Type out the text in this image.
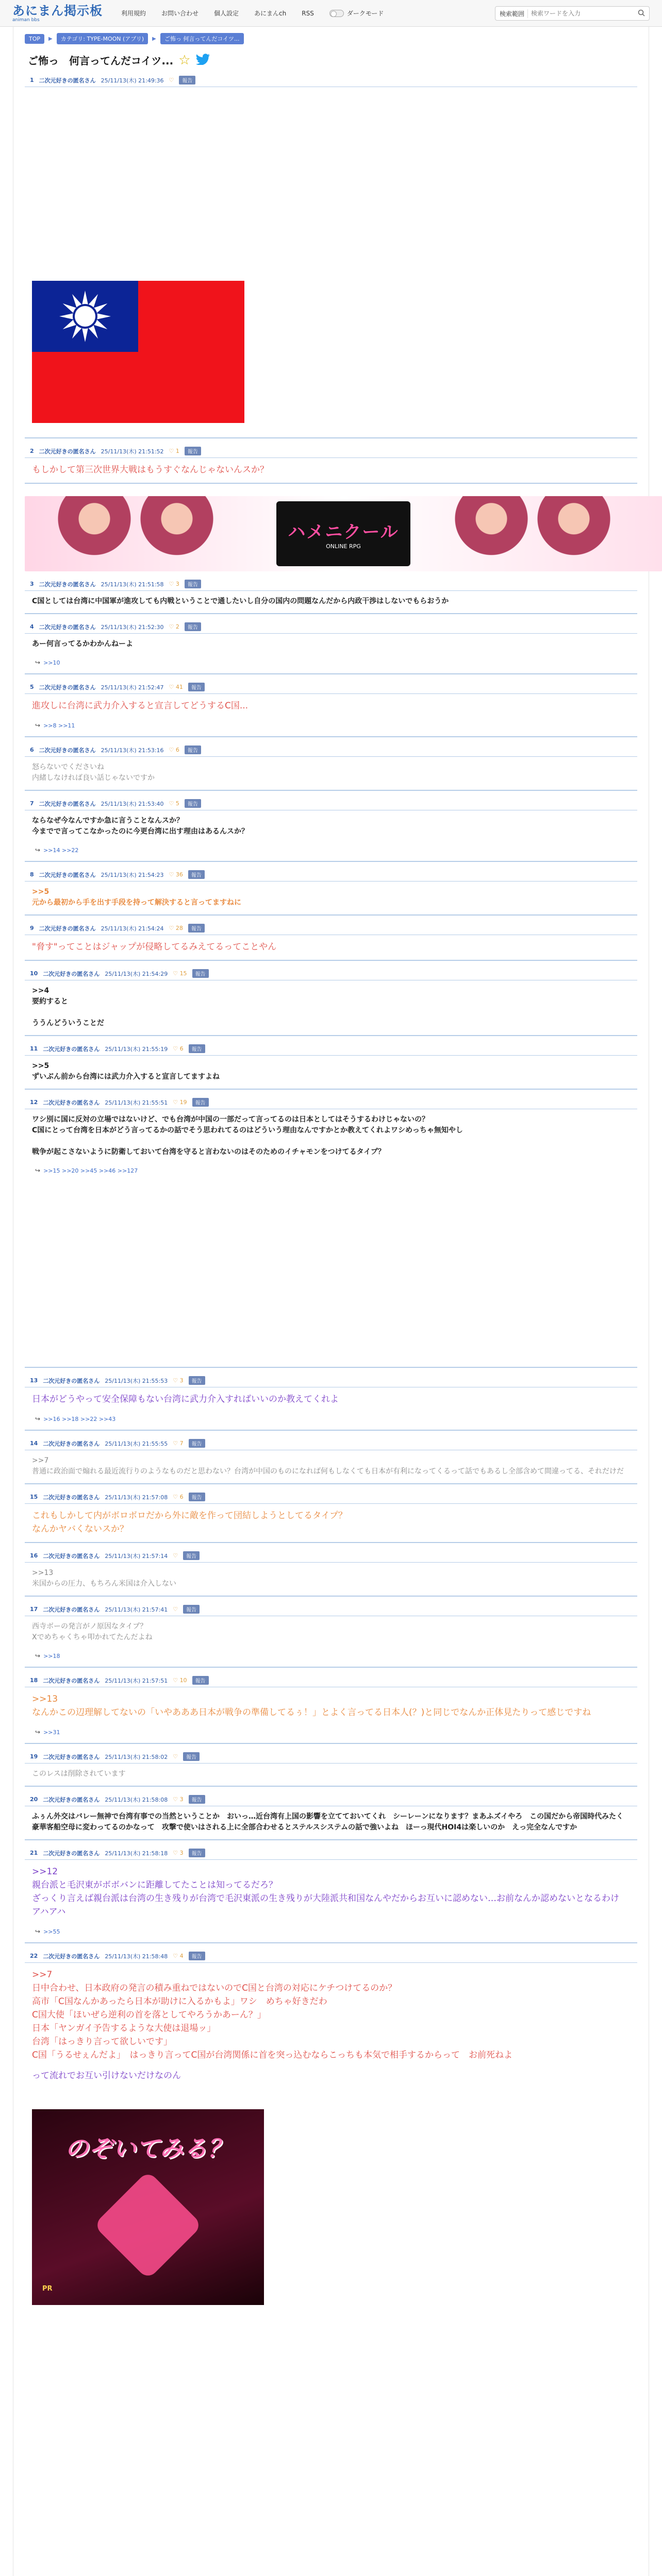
あにまん掲示板
animan bbs
利用規約	お問い合わせ	個人設定	あにまんch	RSS	ダークモード	検索範囲
検索ワードを入力
TOP	▶	カテゴリ: TYPE-MOON (アプリ)	▶	ご怖っ 何言ってんだコイツ...
ご怖っ　何言ってんだコイツ... ☆
1 二次元好きの匿名さん 25/11/13(木) 21:49:36 ♡	報告
2 二次元好きの匿名さん 25/11/13(木) 21:51:52 ♡ 1	報告
もしかして第三次世界大戦はもうすぐなんじゃないんスか？
ハメニクール
ONLINE RPG
3 二次元好きの匿名さん 25/11/13(木) 21:51:58 ♡ 3	報告
C国としては台湾に中国軍が進攻しても内戦ということで通したいし自分の国内の問題なんだから内政干渉はしないでもらおうか
4 二次元好きの匿名さん 25/11/13(木) 21:52:30 ♡ 2	報告
あー何言ってるかわかんねーよ
↪ >>10
5 二次元好きの匿名さん 25/11/13(木) 21:52:47 ♡ 41	報告
進攻しに台湾に武力介入すると宣言してどうするC国...
↪ >>8 >>11
6 二次元好きの匿名さん 25/11/13(木) 21:53:16 ♡ 6	報告
怒らないでくださいね
内緒しなければ良い話じゃないですか
7 二次元好きの匿名さん 25/11/13(木) 21:53:40 ♡ 5	報告
ならなぜ今なんですか急に言うことなんスか？
今までで言ってこなかったのに今更台湾に出す理由はあるんスか？
↪ >>14 >>22
8 二次元好きの匿名さん 25/11/13(木) 21:54:23 ♡ 36	報告
>>5
元から最初から手を出す手段を持って解決すると言ってますねに
9 二次元好きの匿名さん 25/11/13(木) 21:54:24 ♡ 28	報告
"脅す"ってことはジャップが侵略してるみえてるってことやん
10 二次元好きの匿名さん 25/11/13(木) 21:54:29 ♡ 15	報告
>>4
要約すると

ううんどういうことだ
11 二次元好きの匿名さん 25/11/13(木) 21:55:19 ♡ 6	報告
>>5
ずいぶん前から台湾には武力介入すると宣言してますよね
12 二次元好きの匿名さん 25/11/13(木) 21:55:51 ♡ 19	報告
ワシ別に国に反対の立場ではないけど、でも台湾が中国の一部だって言ってるのは日本としてはそうするわけじゃないの？
C国にとって台湾を日本がどう言ってるかの話でそう思われてるのはどういう理由なんですかとか教えてくれよワシめっちゃ無知やし

戦争が起こさないように防衛しておいて台湾を守ると言わないのはそのためのイチャモンをつけてるタイプ？
↪ >>15 >>20 >>45 >>46 >>127
13 二次元好きの匿名さん 25/11/13(木) 21:55:53 ♡ 3	報告
日本がどうやって安全保障もない台湾に武力介入すればいいのか教えてくれよ
↪ >>16 >>18 >>22 >>43
14 二次元好きの匿名さん 25/11/13(木) 21:55:55 ♡ 7	報告
>>7
普通に政治面で煽れる最近流行りのようなものだと思わない？台湾が中国のものになれば何もしなくても日本が有利になってくるって話でもあるし全部含めて間違ってる、それだけだ
15 二次元好きの匿名さん 25/11/13(木) 21:57:08 ♡ 6	報告
これもしかして内がボロボロだから外に敵を作って団結しようとしてるタイプ？
なんかヤバくないスか？
16 二次元好きの匿名さん 25/11/13(木) 21:57:14 ♡	報告
>>13
米国からの圧力、もちろん米国は介入しない
17 二次元好きの匿名さん 25/11/13(木) 21:57:41 ♡	報告
西寺ボーの発言がノ原因なタイプ？
Xでめちゃくちゃ叩かれてたんだよね
↪ >>18
18 二次元好きの匿名さん 25/11/13(木) 21:57:51 ♡ 10	報告
>>13
なんかこの辺理解してないの「いやあああ日本が戦争の準備してるぅ！」とよく言ってる日本人(？)と同じでなんか正体見たりって感じですね
↪ >>31
19 二次元好きの匿名さん 25/11/13(木) 21:58:02 ♡	報告
このレスは削除されています
20 二次元好きの匿名さん 25/11/13(木) 21:58:08 ♡ 3	報告
ふぅん外交はバレー無神で台湾有事での当然ということか　おいっ…近台湾有上国の影響を立てておいてくれ　シーレーンになります？まあふズイやろ　この国だから帝国時代みたく豪華客船空母に変わってるのかなって　攻撃で使いはされる上に全部合わせるとステルスシステムの話で強いよね　ほーっ現代HOI4は楽しいのか　えっ完全なんですか
21 二次元好きの匿名さん 25/11/13(木) 21:58:18 ♡ 3	報告
>>12
親台派と毛沢東がボボバンに距離してたことは知ってるだろ？
ざっくり言えば親台派は台湾の生き残りが台湾で毛沢東派の生き残りが大陸派共和国なんやだからお互いに認めない…お前なんか認めないとなるわけ　アハアハ
↪ >>55
22 二次元好きの匿名さん 25/11/13(木) 21:58:48 ♡ 4	報告
>>7
日中合わせ、日本政府の発言の積み重ねではないのでC国と台湾の対応にケチつけてるのか？
高市「C国なんかあったら日本が助けに入るかもよ」ワシ　めちゃ好きだわ
C国大使「ほいぜら逆利の首を落としてやろうかあーん？」
日本「ヤンガイ予告するような大使は退場ッ」
台湾「はっきり言って欲しいです」
C国「うるせぇんだよ」　はっきり言ってC国が台湾関係に首を突っ込むならこっちも本気で相手するからって　お前死ねよ
って流れでお互い引けないだけなのん
のぞいてみる？
PR
